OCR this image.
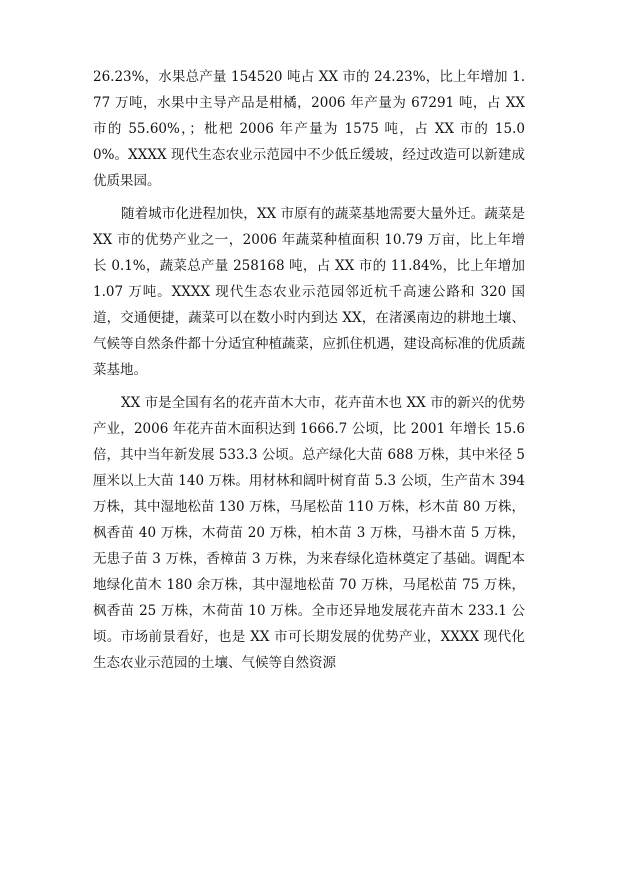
26.23%，水果总产量 154520 吨占 XX 市的 24.23%，比上年增加 1.77 万吨，水果中主导产品是柑橘，2006 年产量为 67291 吨，占 XX 市的 55.60%，；枇杷 2006 年产量为 1575 吨，占 XX 市的 15.00%。XXXX 现代生态农业示范园中不少低丘缓坡，经过改造可以新建成优质果园。

随着城市化进程加快，XX 市原有的蔬菜基地需要大量外迁。蔬菜是 XX 市的优势产业之一，2006 年蔬菜种植面积 10.79 万亩，比上年增长 0.1%，蔬菜总产量 258168 吨，占 XX 市的 11.84%，比上年增加 1.07 万吨。XXXX 现代生态农业示范园邻近杭千高速公路和 320 国道，交通便捷，蔬菜可以在数小时内到达 XX，在渚溪南边的耕地土壤、气候等自然条件都十分适宜种植蔬菜，应抓住机遇，建设高标准的优质蔬菜基地。

XX 市是全国有名的花卉苗木大市，花卉苗木也 XX 市的新兴的优势产业，2006 年花卉苗木面积达到 1666.7 公顷，比 2001 年增长 15.6 倍，其中当年新发展 533.3 公顷。总产绿化大苗 688 万株，其中米径 5 厘米以上大苗 140 万株。用材林和阔叶树育苗 5.3 公顷，生产苗木 394 万株，其中湿地松苗 130 万株，马尾松苗 110 万株，杉木苗 80 万株，枫香苗 40 万株，木荷苗 20 万株，柏木苗 3 万株，马褂木苗 5 万株，无患子苗 3 万株，香樟苗 3 万株，为来春绿化造林奠定了基础。调配本地绿化苗木 180 余万株，其中湿地松苗 70 万株，马尾松苗 75 万株，枫香苗 25 万株，木荷苗 10 万株。全市还异地发展花卉苗木 233.1 公顷。市场前景看好，也是 XX 市可长期发展的优势产业，XXXX 现代化生态农业示范园的土壤、气候等自然资源
